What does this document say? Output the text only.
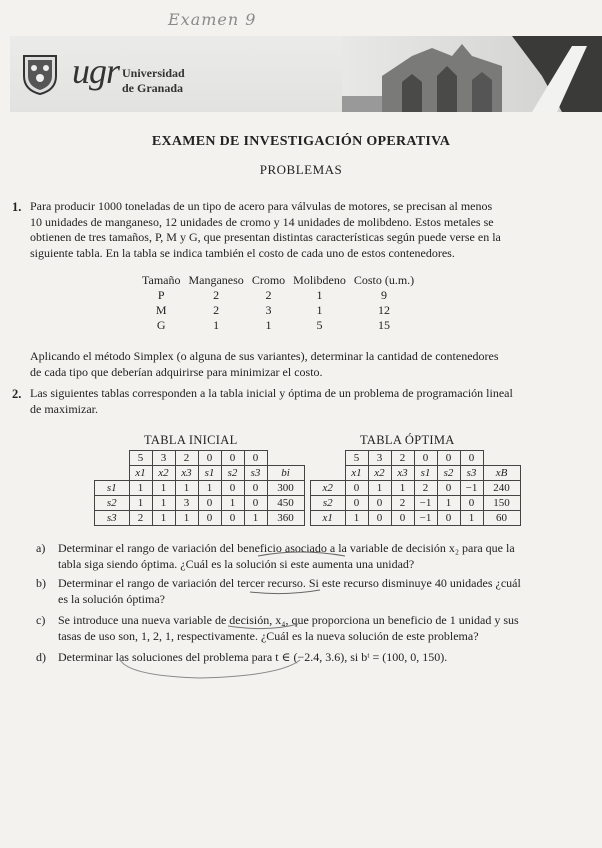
Examen 9
ugr Universidad
de Granada
EXAMEN DE INVESTIGACIÓN OPERATIVA
PROBLEMAS
1. Para producir 1000 toneladas de un tipo de acero para válvulas de motores, se precisan al menos
10 unidades de manganeso, 12 unidades de cromo y 14 unidades de molibdeno. Estos metales se
obtienen de tres tamaños, P, M y G, que presentan distintas características según puede verse en la
siguiente tabla. En la tabla se indica también el costo de cada uno de estos contenedores.
Tamaño	Manganeso	Cromo	Molibdeno	Costo (u.m.)
P	2	2	1	9
M	2	3	1	12
G	1	1	5	15
Aplicando el método Simplex (o alguna de sus variantes), determinar la cantidad de contenedores
de cada tipo que deberían adquirirse para minimizar el costo.
2. Las siguientes tablas corresponden a la tabla inicial y óptima de un problema de programación lineal
de maximizar.
TABLA INICIAL	TABLA ÓPTIMA
	5	3	2	0	0	0	
	x1	x2	x3	s1	s2	s3	bi
s1	1	1	1	1	0	0	300
s2	1	1	3	0	1	0	450
s3	2	1	1	0	0	1	360
	5	3	2	0	0	0	
	x1	x2	x3	s1	s2	s3	xB
x2	0	1	1	2	0	−1	240
s2	0	0	2	−1	1	0	150
x1	1	0	0	−1	0	1	60
a) Determinar el rango de variación del beneficio asociado a la variable de decisión x₂ para que la
tabla siga siendo óptima. ¿Cuál es la solución si este aumenta una unidad?
b) Determinar el rango de variación del tercer recurso. Si este recurso disminuye 40 unidades ¿cuál
es la solución óptima?
c) Se introduce una nueva variable de decisión, x₄, que proporciona un beneficio de 1 unidad y sus
tasas de uso son, 1, 2, 1, respectivamente. ¿Cuál es la nueva solución de este problema?
d) Determinar las soluciones del problema para t ∈ (−2.4, 3.6), si bᵗ = (100, 0, 150).
